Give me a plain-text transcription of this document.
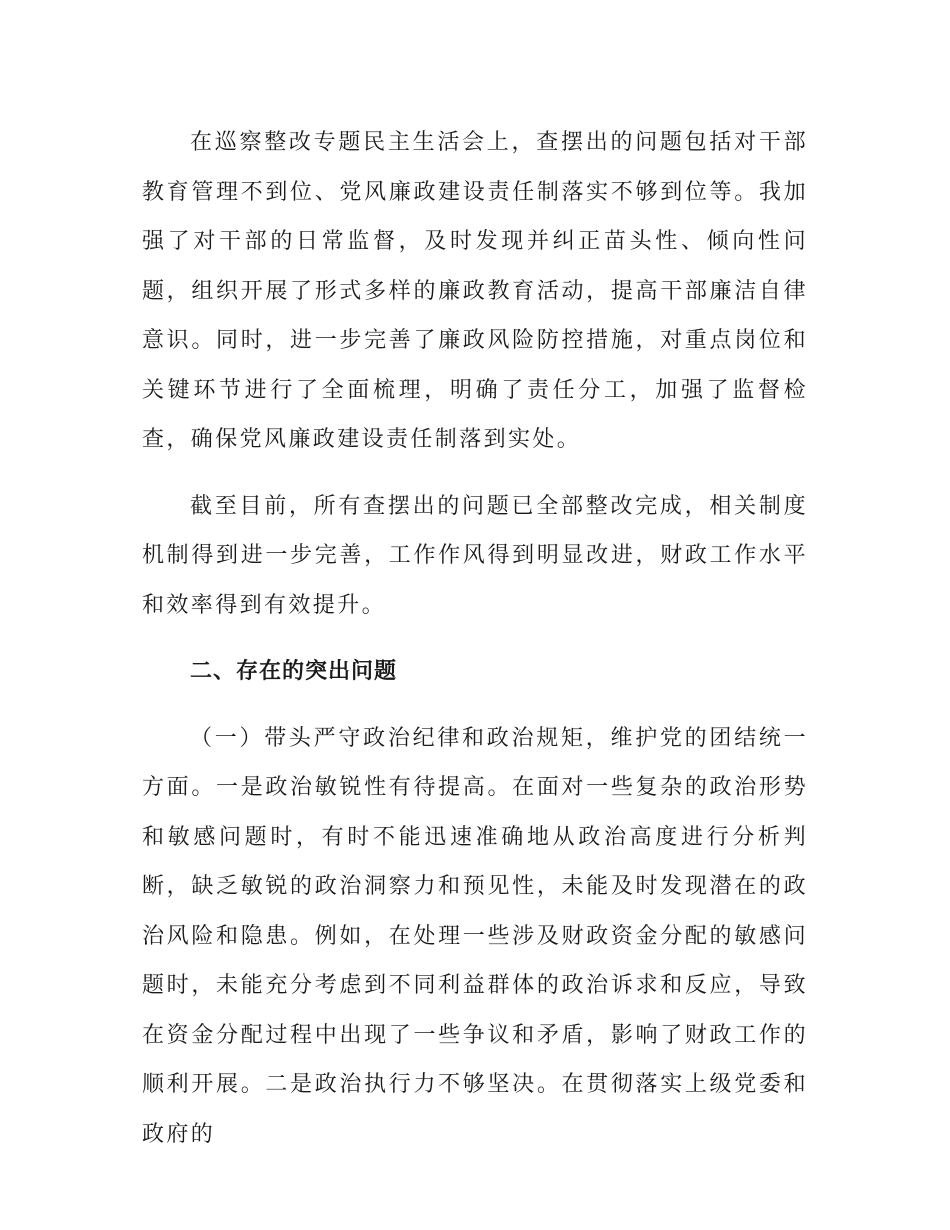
在巡察整改专题民主生活会上，查摆出的问题包括对干部教育管理不到位、党风廉政建设责任制落实不够到位等。我加强了对干部的日常监督，及时发现并纠正苗头性、倾向性问题，组织开展了形式多样的廉政教育活动，提高干部廉洁自律意识。同时，进一步完善了廉政风险防控措施，对重点岗位和关键环节进行了全面梳理，明确了责任分工，加强了监督检查，确保党风廉政建设责任制落到实处。

截至目前，所有查摆出的问题已全部整改完成，相关制度机制得到进一步完善，工作作风得到明显改进，财政工作水平和效率得到有效提升。

二、存在的突出问题

（一）带头严守政治纪律和政治规矩，维护党的团结统一方面。一是政治敏锐性有待提高。在面对一些复杂的政治形势和敏感问题时，有时不能迅速准确地从政治高度进行分析判断，缺乏敏锐的政治洞察力和预见性，未能及时发现潜在的政治风险和隐患。例如，在处理一些涉及财政资金分配的敏感问题时，未能充分考虑到不同利益群体的政治诉求和反应，导致在资金分配过程中出现了一些争议和矛盾，影响了财政工作的顺利开展。二是政治执行力不够坚决。在贯彻落实上级党委和政府的
